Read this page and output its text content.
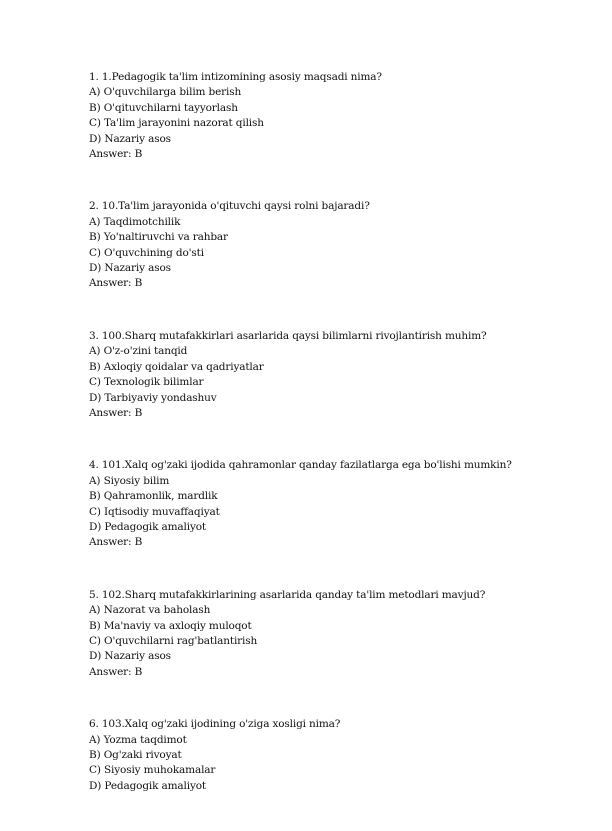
1. 1.Pedagogik ta'lim intizomining asosiy maqsadi nima?
A) O'quvchilarga bilim berish
B) O'qituvchilarni tayyorlash
C) Ta'lim jarayonini nazorat qilish
D) Nazariy asos
Answer: B
2. 10.Ta'lim jarayonida o'qituvchi qaysi rolni bajaradi?
A) Taqdimotchilik
B) Yo'naltiruvchi va rahbar
C) O'quvchining do'sti
D) Nazariy asos
Answer: B
3. 100.Sharq mutafakkirlari asarlarida qaysi bilimlarni rivojlantirish muhim?
A) O'z-o'zini tanqid
B) Axloqiy qoidalar va qadriyatlar
C) Texnologik bilimlar
D) Tarbiyaviy yondashuv
Answer: B
4. 101.Xalq og'zaki ijodida qahramonlar qanday fazilatlarga ega bo'lishi mumkin?
A) Siyosiy bilim
B) Qahramonlik, mardlik
C) Iqtisodiy muvaffaqiyat
D) Pedagogik amaliyot
Answer: B
5. 102.Sharq mutafakkirlarining asarlarida qanday ta'lim metodlari mavjud?
A) Nazorat va baholash
B) Ma'naviy va axloqiy muloqot
C) O'quvchilarni rag'batlantirish
D) Nazariy asos
Answer: B
6. 103.Xalq og'zaki ijodining o'ziga xosligi nima?
A) Yozma taqdimot
B) Og'zaki rivoyat
C) Siyosiy muhokamalar
D) Pedagogik amaliyot
